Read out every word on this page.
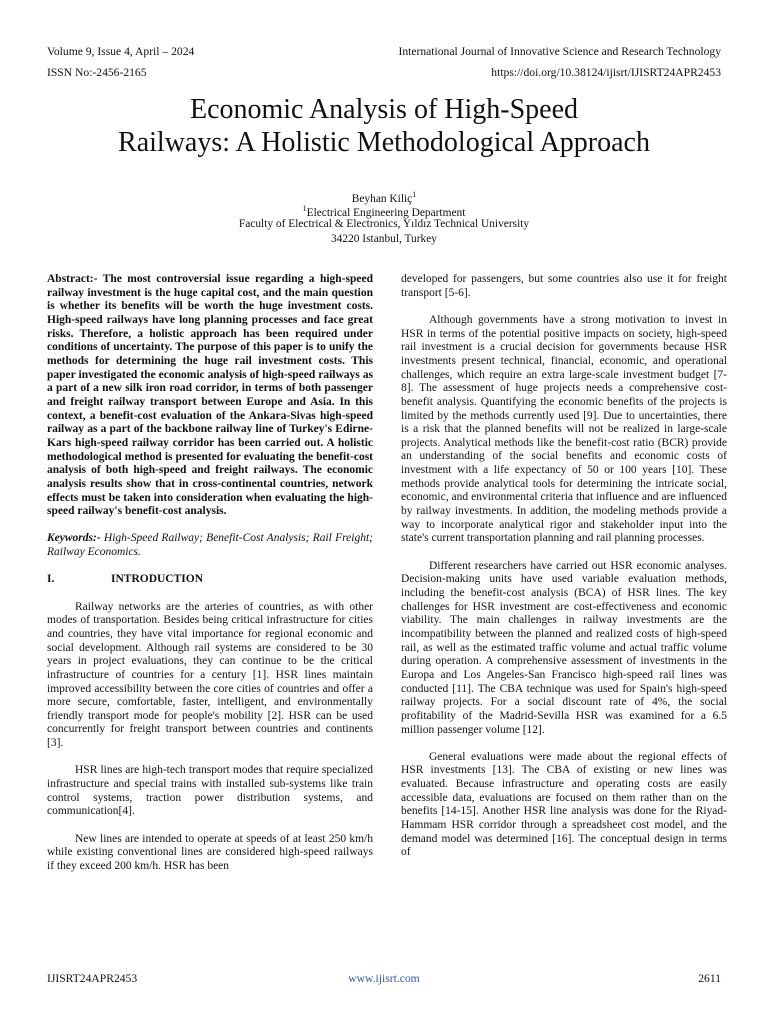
Volume 9, Issue 4, April – 2024	International Journal of Innovative Science and Research Technology
ISSN No:-2456-2165	https://doi.org/10.38124/ijisrt/IJISRT24APR2453
Economic Analysis of High-Speed
Railways: A Holistic Methodological Approach
Beyhan Kiliç$^1$
$^1$Electrical Engineering Department
Faculty of Electrical & Electronics, Yıldız Technical University
34220 Istanbul, Turkey

Abstract:- The most controversial issue regarding a high-speed railway investment is the huge capital cost, and the main question is whether its benefits will be worth the huge investment costs. High-speed railways have long planning processes and face great risks. Therefore, a holistic approach has been required under conditions of uncertainty. The purpose of this paper is to unify the methods for determining the huge rail investment costs. This paper investigated the economic analysis of high-speed railways as a part of a new silk iron road corridor, in terms of both passenger and freight railway transport between Europe and Asia. In this context, a benefit-cost evaluation of the Ankara-Sivas high-speed railway as a part of the backbone railway line of Turkey's Edirne-Kars high-speed railway corridor has been carried out. A holistic methodological method is presented for evaluating the benefit-cost analysis of both high-speed and freight railways. The economic analysis results show that in cross-continental countries, network effects must be taken into consideration when evaluating the high-speed railway's benefit-cost analysis.

Keywords:- High-Speed Railway; Benefit-Cost Analysis; Rail Freight; Railway Economics.

I.	INTRODUCTION

Railway networks are the arteries of countries, as with other modes of transportation. Besides being critical infrastructure for cities and countries, they have vital importance for regional economic and social development. Although rail systems are considered to be 30 years in project evaluations, they can continue to be the critical infrastructure of countries for a century [1]. HSR lines maintain improved accessibility between the core cities of countries and offer a more secure, comfortable, faster, intelligent, and environmentally friendly transport mode for people's mobility [2]. HSR can be used concurrently for freight transport between countries and continents [3].

HSR lines are high-tech transport modes that require specialized infrastructure and special trains with installed sub-systems like train control systems, traction power distribution systems, and communication[4].

New lines are intended to operate at speeds of at least 250 km/h while existing conventional lines are considered high-speed railways if they exceed 200 km/h. HSR has been

developed for passengers, but some countries also use it for freight transport [5-6].

Although governments have a strong motivation to invest in HSR in terms of the potential positive impacts on society, high-speed rail investment is a crucial decision for governments because HSR investments present technical, financial, economic, and operational challenges, which require an extra large-scale investment budget [7-8]. The assessment of huge projects needs a comprehensive cost-benefit analysis. Quantifying the economic benefits of the projects is limited by the methods currently used [9]. Due to uncertainties, there is a risk that the planned benefits will not be realized in large-scale projects. Analytical methods like the benefit-cost ratio (BCR) provide an understanding of the social benefits and economic costs of investment with a life expectancy of 50 or 100 years [10]. These methods provide analytical tools for determining the intricate social, economic, and environmental criteria that influence and are influenced by railway investments. In addition, the modeling methods provide a way to incorporate analytical rigor and stakeholder input into the state's current transportation planning and rail planning processes.

Different researchers have carried out HSR economic analyses. Decision-making units have used variable evaluation methods, including the benefit-cost analysis (BCA) of HSR lines. The key challenges for HSR investment are cost-effectiveness and economic viability. The main challenges in railway investments are the incompatibility between the planned and realized costs of high-speed rail, as well as the estimated traffic volume and actual traffic volume during operation. A comprehensive assessment of investments in the Europa and Los Angeles-San Francisco high-speed rail lines was conducted [11]. The CBA technique was used for Spain's high-speed railway projects. For a social discount rate of 4%, the social profitability of the Madrid-Sevilla HSR was examined for a 6.5 million passenger volume [12].

General evaluations were made about the regional effects of HSR investments [13]. The CBA of existing or new lines was evaluated. Because infrastructure and operating costs are easily accessible data, evaluations are focused on them rather than on the benefits [14-15]. Another HSR line analysis was done for the Riyad-Hammam HSR corridor through a spreadsheet cost model, and the demand model was determined [16]. The conceptual design in terms of

IJISRT24APR2453	www.ijisrt.com	2611
